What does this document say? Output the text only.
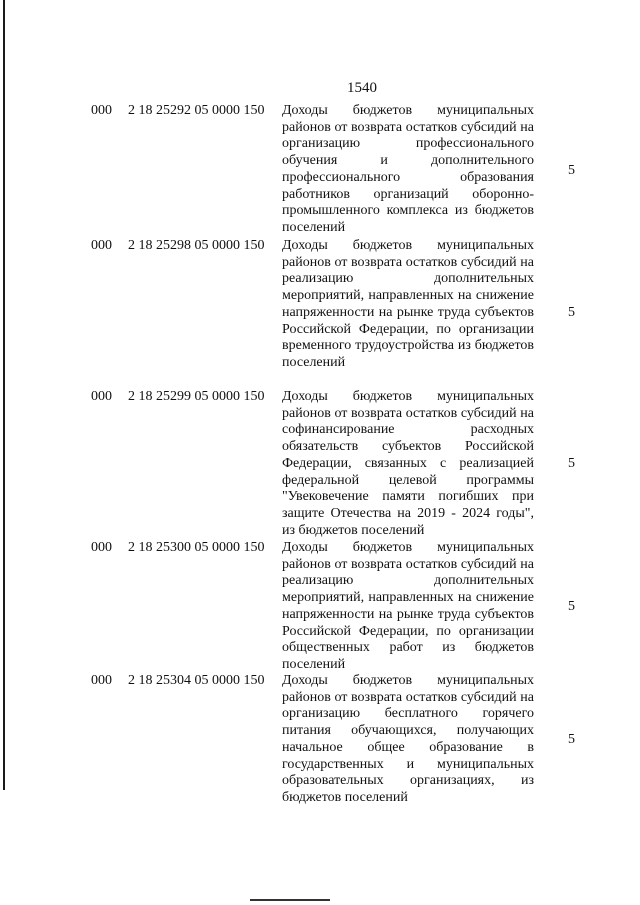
1540
000 2 18 25292 05 0000 150 Доходы бюджетов муниципальных районов от возврата остатков субсидий на организацию профессионального обучения и дополнительного профессионального образования работников организаций оборонно-промышленного комплекса из бюджетов поселений
5
000 2 18 25298 05 0000 150 Доходы бюджетов муниципальных районов от возврата остатков субсидий на реализацию дополнительных мероприятий, направленных на снижение напряженности на рынке труда субъектов Российской Федерации, по организации временного трудоустройства из бюджетов поселений
5
000 2 18 25299 05 0000 150 Доходы бюджетов муниципальных районов от возврата остатков субсидий на софинансирование расходных обязательств субъектов Российской Федерации, связанных с реализацией федеральной целевой программы "Увековечение памяти погибших при защите Отечества на 2019 - 2024 годы", из бюджетов поселений
5
000 2 18 25300 05 0000 150 Доходы бюджетов муниципальных районов от возврата остатков субсидий на реализацию дополнительных мероприятий, направленных на снижение напряженности на рынке труда субъектов Российской Федерации, по организации общественных работ из бюджетов поселений
5
000 2 18 25304 05 0000 150 Доходы бюджетов муниципальных районов от возврата остатков субсидий на организацию бесплатного горячего питания обучающихся, получающих начальное общее образование в государственных и муниципальных образовательных организациях, из бюджетов поселений
5
